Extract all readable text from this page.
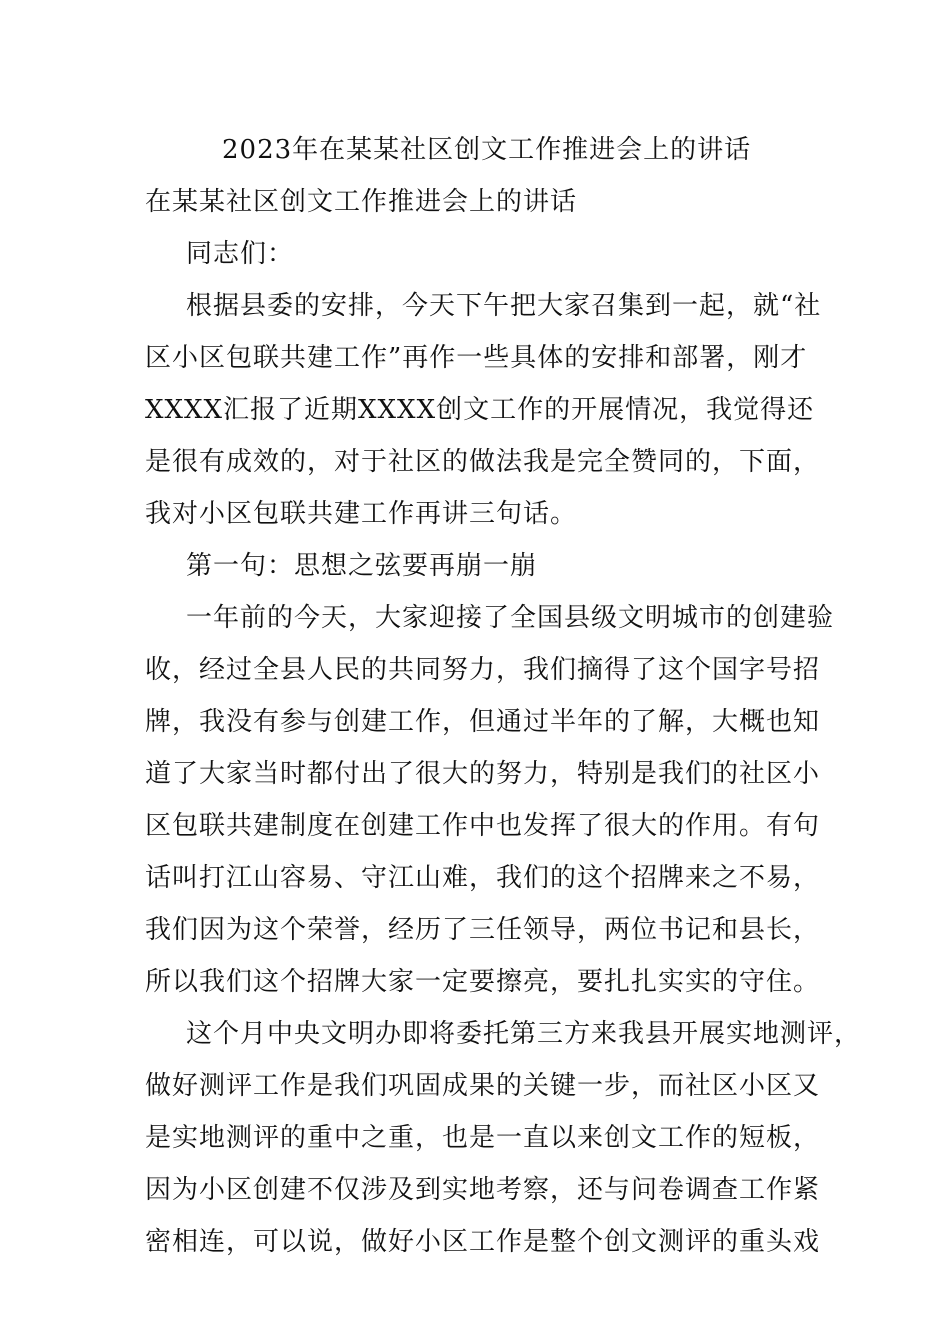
2023年在某某社区创文工作推进会上的讲话
在某某社区创文工作推进会上的讲话
同志们：
根据县委的安排，今天下午把大家召集到一起，就“社
区小区包联共建工作”再作一些具体的安排和部署，刚才
XXXX汇报了近期XXXX创文工作的开展情况，我觉得还
是很有成效的，对于社区的做法我是完全赞同的，下面，
我对小区包联共建工作再讲三句话。
第一句：思想之弦要再崩一崩
一年前的今天，大家迎接了全国县级文明城市的创建验
收，经过全县人民的共同努力，我们摘得了这个国字号招
牌，我没有参与创建工作，但通过半年的了解，大概也知
道了大家当时都付出了很大的努力，特别是我们的社区小
区包联共建制度在创建工作中也发挥了很大的作用。有句
话叫打江山容易、守江山难，我们的这个招牌来之不易，
我们因为这个荣誉，经历了三任领导，两位书记和县长，
所以我们这个招牌大家一定要擦亮，要扎扎实实的守住。
这个月中央文明办即将委托第三方来我县开展实地测评，
做好测评工作是我们巩固成果的关键一步，而社区小区又
是实地测评的重中之重，也是一直以来创文工作的短板，
因为小区创建不仅涉及到实地考察，还与问卷调查工作紧
密相连，可以说，做好小区工作是整个创文测评的重头戏
